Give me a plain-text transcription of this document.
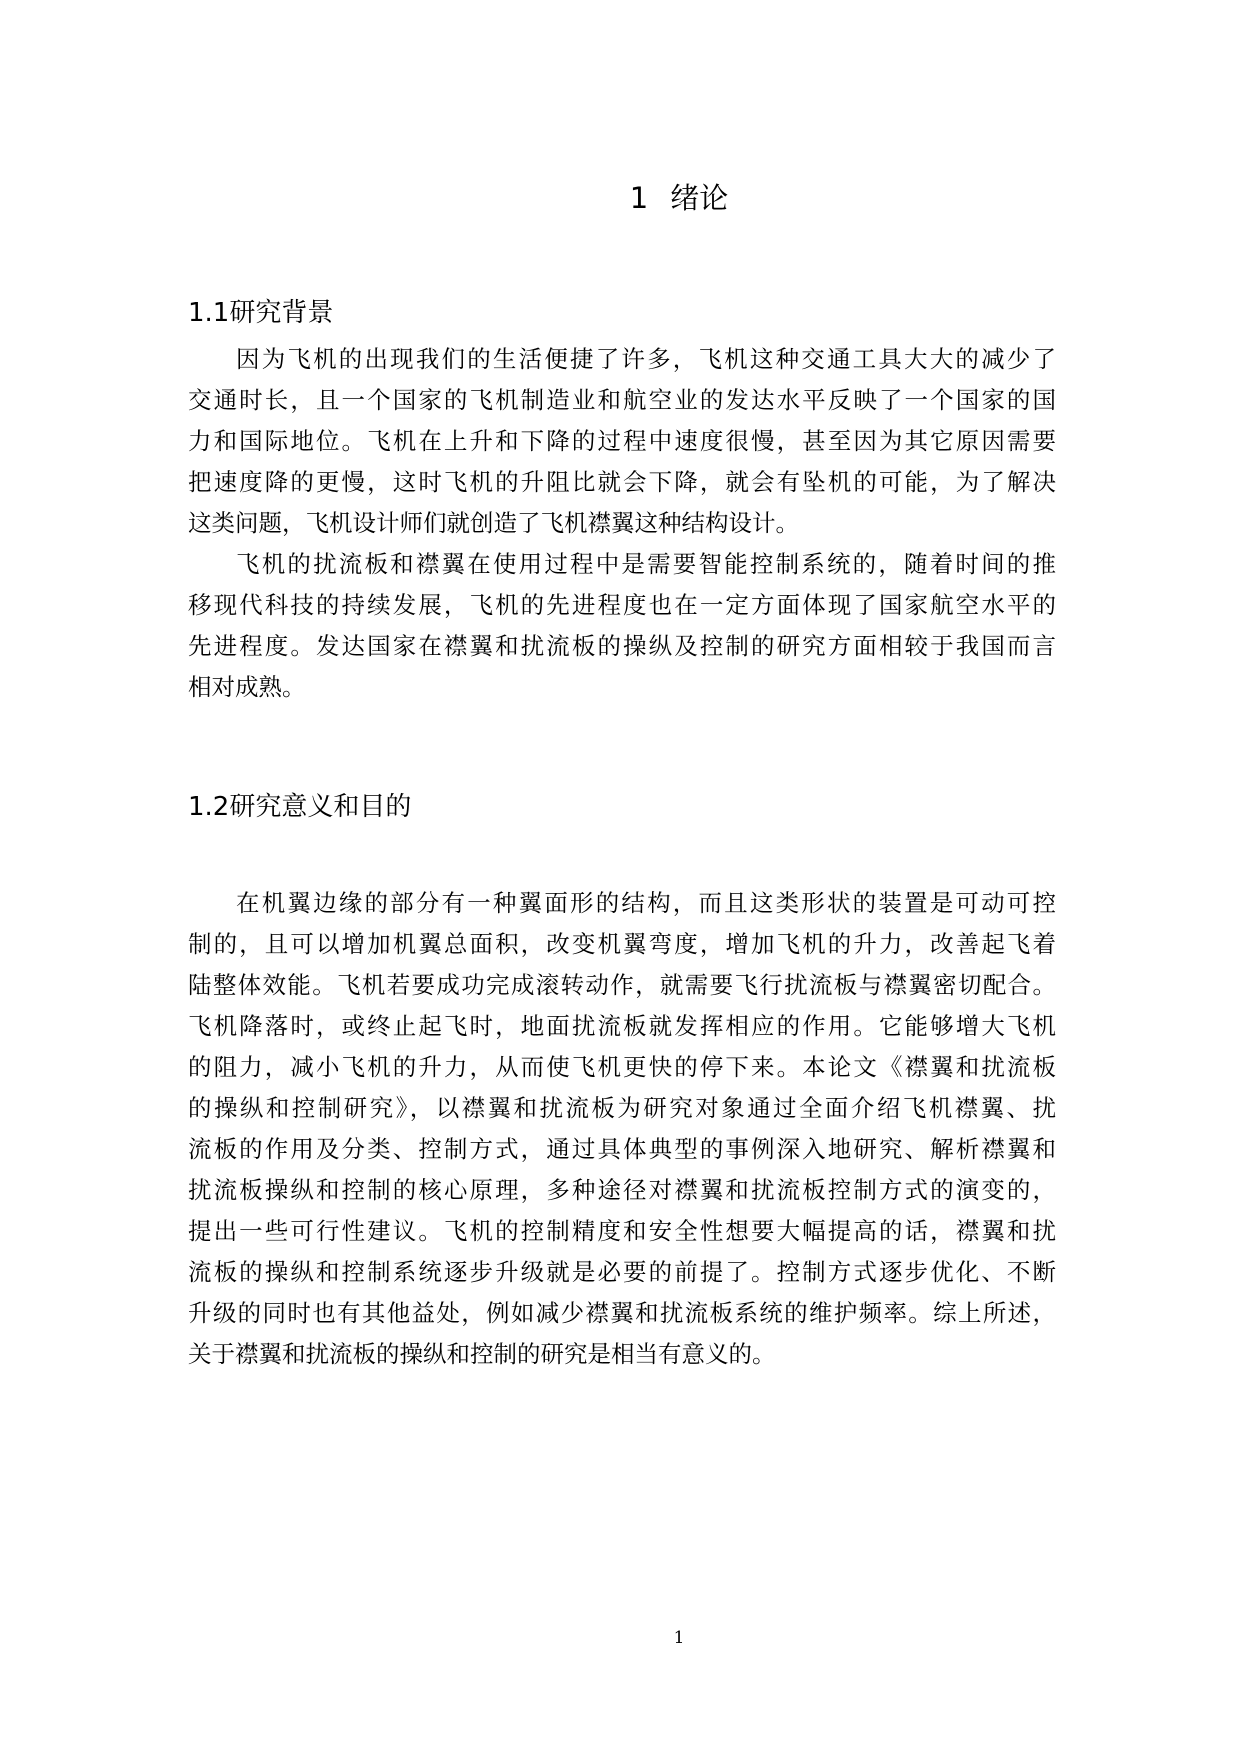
1 绪论
1.1研究背景
因为飞机的出现我们的生活便捷了许多，飞机这种交通工具大大的减少了
交通时长，且一个国家的飞机制造业和航空业的发达水平反映了一个国家的国
力和国际地位。飞机在上升和下降的过程中速度很慢，甚至因为其它原因需要
把速度降的更慢，这时飞机的升阻比就会下降，就会有坠机的可能，为了解决
这类问题，飞机设计师们就创造了飞机襟翼这种结构设计。
飞机的扰流板和襟翼在使用过程中是需要智能控制系统的，随着时间的推
移现代科技的持续发展，飞机的先进程度也在一定方面体现了国家航空水平的
先进程度。发达国家在襟翼和扰流板的操纵及控制的研究方面相较于我国而言
相对成熟。
1.2研究意义和目的
在机翼边缘的部分有一种翼面形的结构，而且这类形状的装置是可动可控
制的，且可以增加机翼总面积，改变机翼弯度，增加飞机的升力，改善起飞着
陆整体效能。飞机若要成功完成滚转动作，就需要飞行扰流板与襟翼密切配合。
飞机降落时，或终止起飞时，地面扰流板就发挥相应的作用。它能够增大飞机
的阻力，减小飞机的升力，从而使飞机更快的停下来。本论文《襟翼和扰流板
的操纵和控制研究》，以襟翼和扰流板为研究对象通过全面介绍飞机襟翼、扰
流板的作用及分类、控制方式，通过具体典型的事例深入地研究、解析襟翼和
扰流板操纵和控制的核心原理，多种途径对襟翼和扰流板控制方式的演变的，
提出一些可行性建议。飞机的控制精度和安全性想要大幅提高的话，襟翼和扰
流板的操纵和控制系统逐步升级就是必要的前提了。控制方式逐步优化、不断
升级的同时也有其他益处，例如减少襟翼和扰流板系统的维护频率。综上所述，
关于襟翼和扰流板的操纵和控制的研究是相当有意义的。
1
